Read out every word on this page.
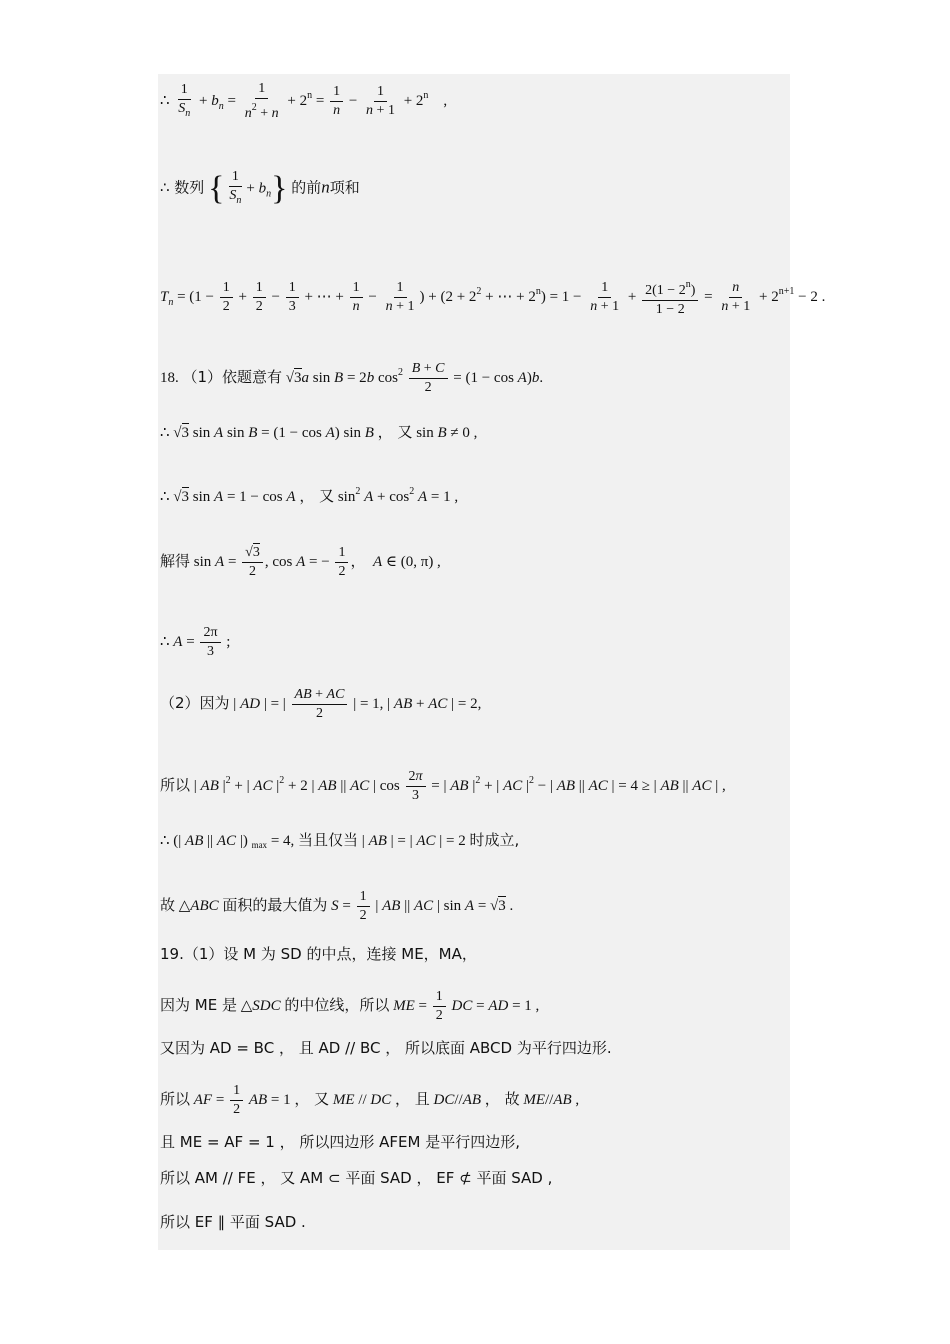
∴ $\frac{1}{S_n} + b_n = \frac{1}{n^2 + n} + 2^n = \frac{1}{n} - \frac{1}{n + 1} + 2^n$    ,
∴ 数列 { $\frac{1}{S_n} + b_n$} 的前n项和
$T_n = (1 - \frac{1}{2} + \frac{1}{2} - \frac{1}{3}$ + ⋯ + $\frac{1}{n} - \frac{1}{n + 1}$ ) + ($2 + 2^2$ + ⋯ + $2^n) = 1 - \frac{1}{n + 1} + \frac{2(1 - 2^n)}{1 - 2} = \frac{n}{n + 1} + 2^{n+1} - 2$ .
18. （1）依题意有 √3a sin B = 2b $\cos^2 \frac{B + C}{2} = (1 - \cos A)b$.
∴ √3 sin A sin B = (1 − cos A) sin B ， 又 sin B ≠ 0 ,
∴ √3 sin A = 1 − cos A ， 又 $\sin^2 A + \cos^2 A = 1$ ,
解得 $\sin A = \frac{√3}{2}$ , cos A = − $\frac{1}{2}$ ，  A ∈ (0, π) ,
∴ $A = \frac{2\pi}{3}$ ;
（2）因为 | AD | = | $\frac{AB + AC}{2}$ | = 1, | AB + AC | = 2,
所以 | AB $|^2$ + | AC $|^2 + 2$ | AB || AC | $\cos \frac{2\pi}{3}$ = | AB $|^2$ + | AC $|^2$ − | AB || AC | = 4 ≥ | AB || AC | ,
∴ (| AB || AC |) $_{max}$ = 4, 当且仅当 | AB | = | AC | = 2 时成立,
故 △ABC 面积的最大值为 $S = \frac{1}{2}$ | AB || AC | sin A = √3 .
19.（1）设 M 为 SD 的中点，连接 ME，MA，
因为 ME 是 △SDC 的中位线，所以 ME = $\frac{1}{2}$ DC = AD = 1 ,
又因为 AD = BC ， 且 AD // BC ， 所以底面 ABCD 为平行四边形.
所以 AF = $\frac{1}{2}$ AB = 1 ， 又 ME // DC ， 且 DC//AB ， 故 ME//AB ,
且 ME = AF = 1 ， 所以四边形 AFEM 是平行四边形,
所以 AM // FE ， 又 AM ⊂ 平面 SAD ， EF ⊄ 平面 SAD ,
所以 EF ∥ 平面 SAD .
